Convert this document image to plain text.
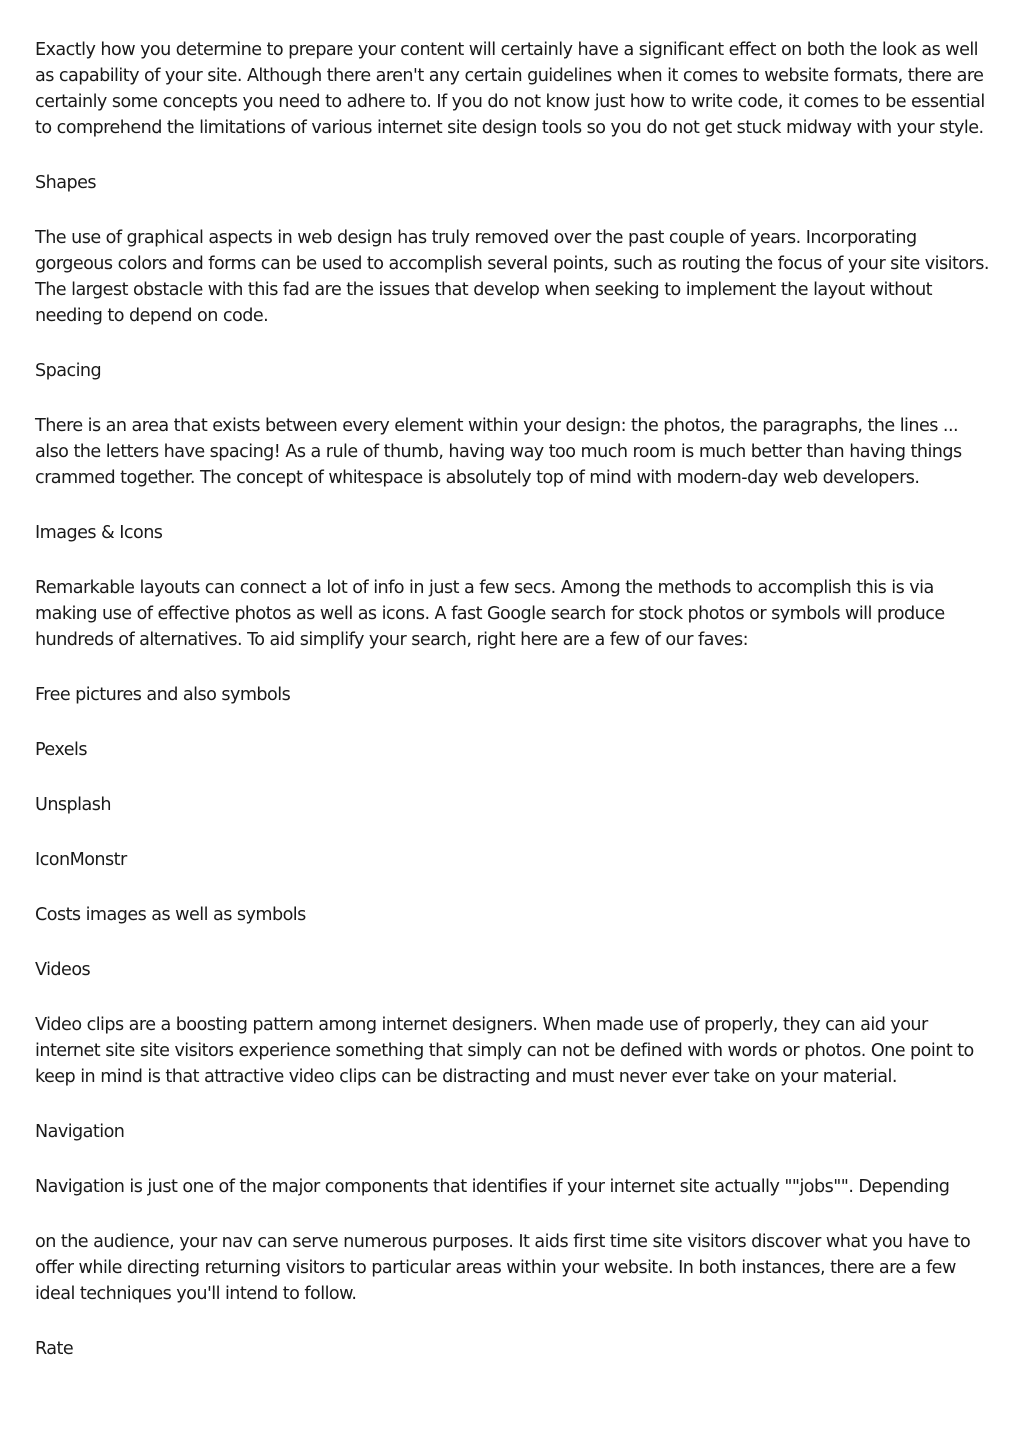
Exactly how you determine to prepare your content will certainly have a significant effect on both the look as well as capability of your site. Although there aren't any certain guidelines when it comes to website formats, there are certainly some concepts you need to adhere to. If you do not know just how to write code, it comes to be essential to comprehend the limitations of various internet site design tools so you do not get stuck midway with your style.

Shapes

The use of graphical aspects in web design has truly removed over the past couple of years. Incorporating gorgeous colors and forms can be used to accomplish several points, such as routing the focus of your site visitors. The largest obstacle with this fad are the issues that develop when seeking to implement the layout without needing to depend on code.

Spacing

There is an area that exists between every element within your design: the photos, the paragraphs, the lines ... also the letters have spacing! As a rule of thumb, having way too much room is much better than having things crammed together. The concept of whitespace is absolutely top of mind with modern-day web developers.

Images & Icons

Remarkable layouts can connect a lot of info in just a few secs. Among the methods to accomplish this is via making use of effective photos as well as icons. A fast Google search for stock photos or symbols will produce hundreds of alternatives. To aid simplify your search, right here are a few of our faves:

Free pictures and also symbols

Pexels

Unsplash

IconMonstr

Costs images as well as symbols

Videos

Video clips are a boosting pattern among internet designers. When made use of properly, they can aid your internet site site visitors experience something that simply can not be defined with words or photos. One point to keep in mind is that attractive video clips can be distracting and must never ever take on your material.

Navigation

Navigation is just one of the major components that identifies if your internet site actually ""jobs"". Depending

on the audience, your nav can serve numerous purposes. It aids first time site visitors discover what you have to offer while directing returning visitors to particular areas within your website. In both instances, there are a few ideal techniques you'll intend to follow.

Rate
